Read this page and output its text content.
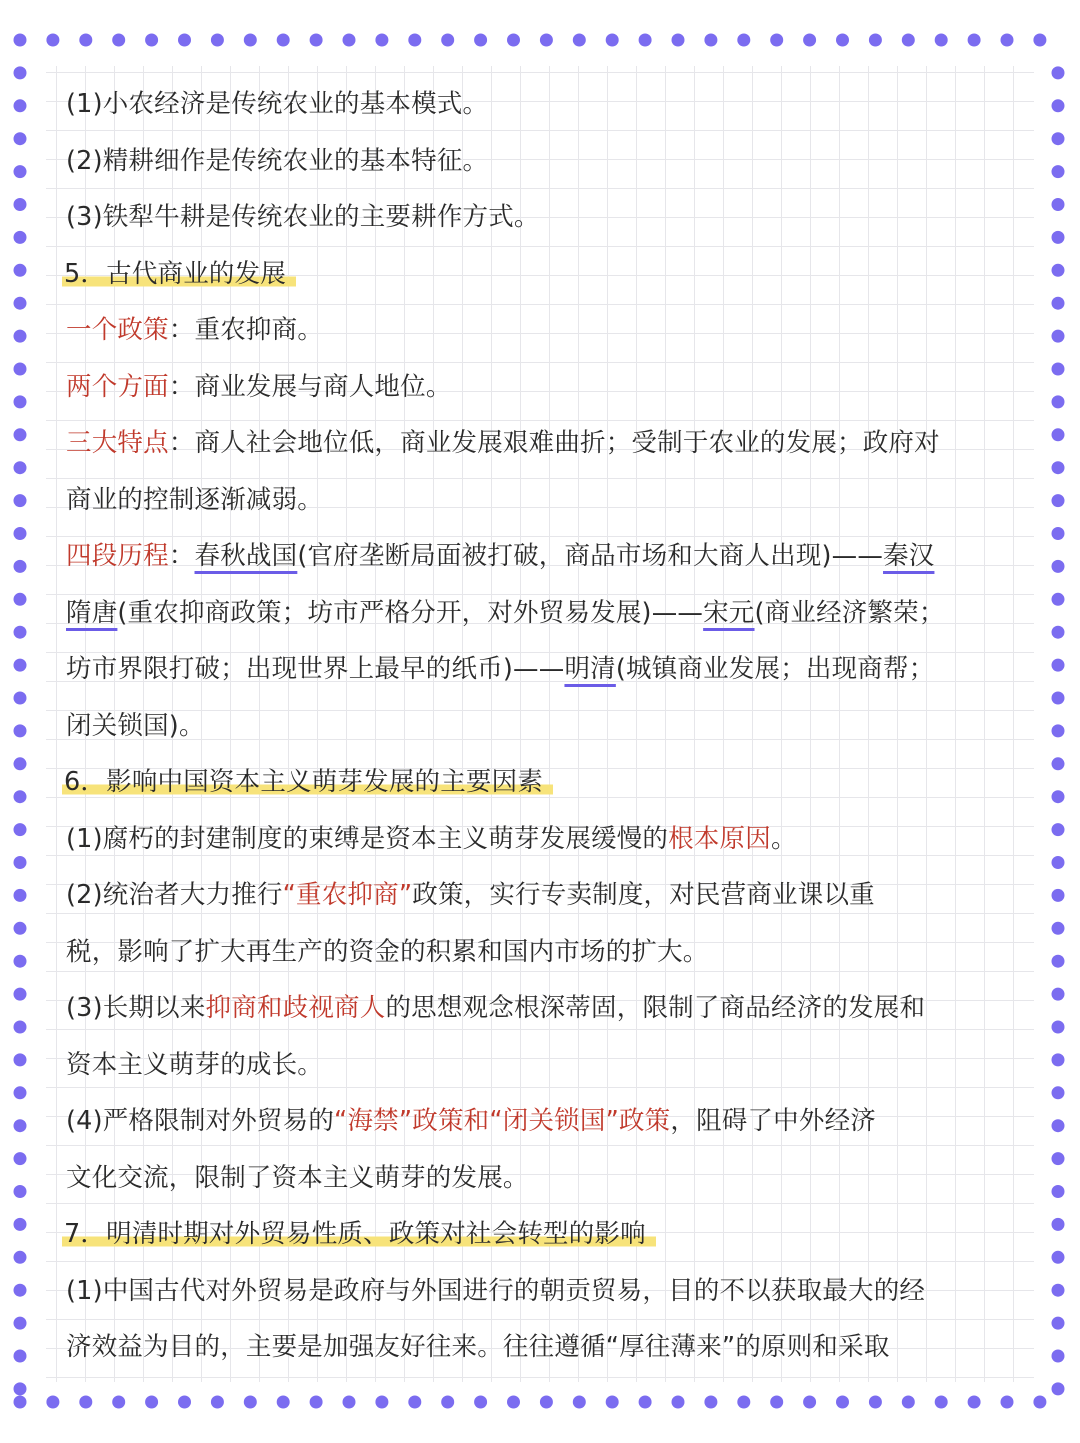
(1)小农经济是传统农业的基本模式。
(2)精耕细作是传统农业的基本特征。
(3)铁犁牛耕是传统农业的主要耕作方式。
5．古代商业的发展
一个政策：重农抑商。
两个方面：商业发展与商人地位。
三大特点：商人社会地位低，商业发展艰难曲折；受制于农业的发展；政府对
商业的控制逐渐减弱。
四段历程：春秋战国(官府垄断局面被打破，商品市场和大商人出现)——秦汉
隋唐(重农抑商政策；坊市严格分开，对外贸易发展)——宋元(商业经济繁荣；
坊市界限打破；出现世界上最早的纸币)——明清(城镇商业发展；出现商帮；
闭关锁国)。
6．影响中国资本主义萌芽发展的主要因素
(1)腐朽的封建制度的束缚是资本主义萌芽发展缓慢的根本原因。
(2)统治者大力推行“重农抑商”政策，实行专卖制度，对民营商业课以重
税，影响了扩大再生产的资金的积累和国内市场的扩大。
(3)长期以来抑商和歧视商人的思想观念根深蒂固，限制了商品经济的发展和
资本主义萌芽的成长。
(4)严格限制对外贸易的“海禁”政策和“闭关锁国”政策，阻碍了中外经济
文化交流，限制了资本主义萌芽的发展。
7．明清时期对外贸易性质、政策对社会转型的影响
(1)中国古代对外贸易是政府与外国进行的朝贡贸易，目的不以获取最大的经
济效益为目的，主要是加强友好往来。往往遵循“厚往薄来”的原则和采取
